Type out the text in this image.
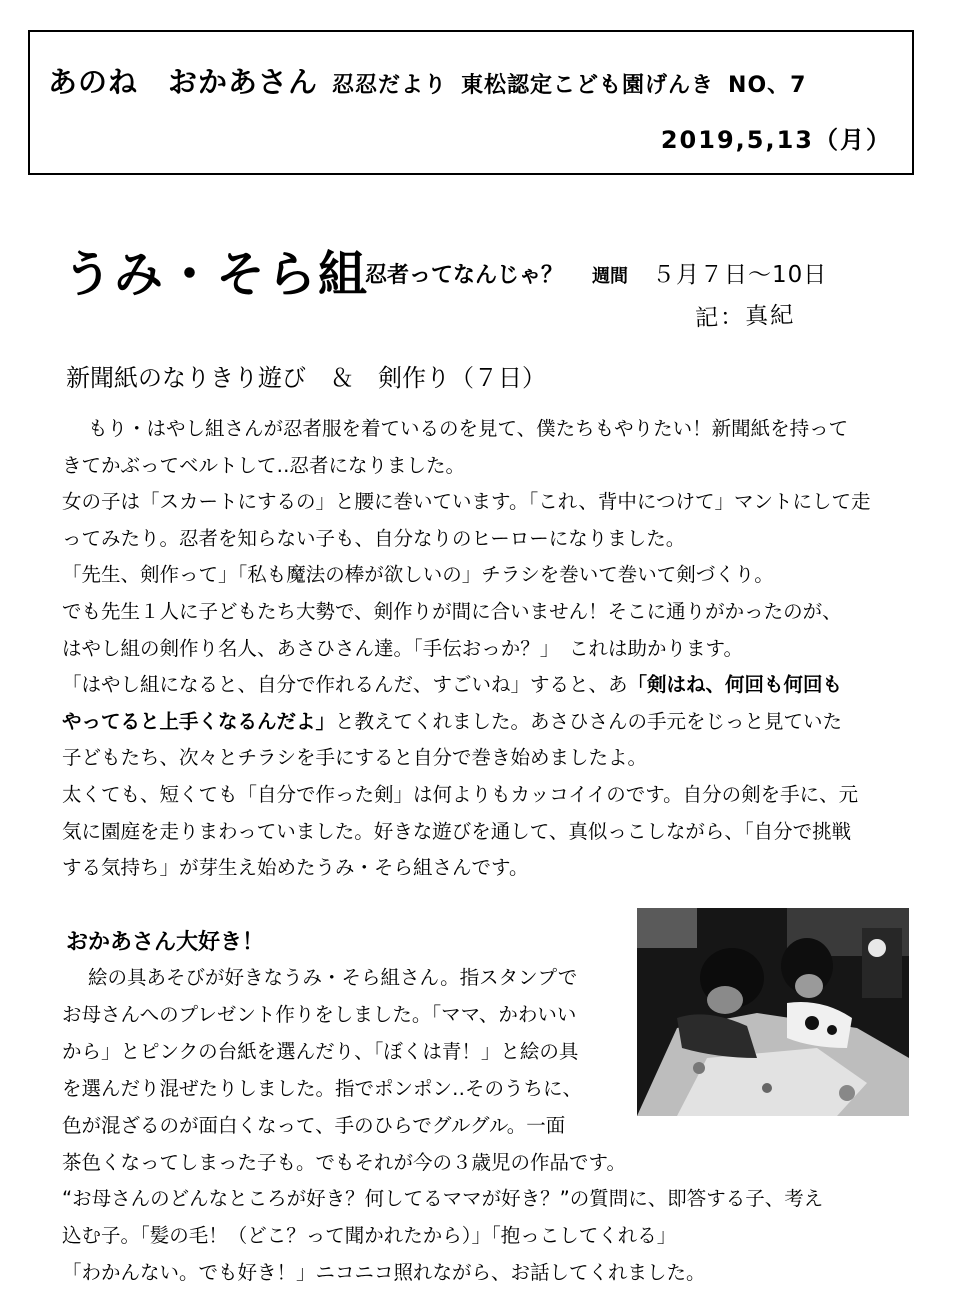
あのね　おかあさん 忍忍だより 東松認定こども園げんき NO、7
2019,5,13（月）
うみ・そら組
忍者ってなんじゃ？ 週間 ５月７日～10日
記：真紀
新聞紙のなりきり遊び　＆　剣作り（７日）

もり・はやし組さんが忍者服を着ているのを見て、僕たちもやりたい！新聞紙を持って

きてかぶってベルトして‥忍者になりました。

女の子は「スカートにするの」と腰に巻いています。「これ、背中につけて」マントにして走

ってみたり。忍者を知らない子も、自分なりのヒーローになりました。

「先生、剣作って」「私も魔法の棒が欲しいの」チラシを巻いて巻いて剣づくり。

でも先生１人に子どもたち大勢で、剣作りが間に合いません！そこに通りがかったのが、

はやし組の剣作り名人、あさひさん達。「手伝おっか？」　これは助かります。

「はやし組になると、自分で作れるんだ、すごいね」すると、あ「剣はね、何回も何回も

やってると上手くなるんだよ」と教えてくれました。あさひさんの手元をじっと見ていた

子どもたち、次々とチラシを手にすると自分で巻き始めましたよ。

太くても、短くても「自分で作った剣」は何よりもカッコイイのです。自分の剣を手に、元

気に園庭を走りまわっていました。好きな遊びを通して、真似っこしながら、「自分で挑戦

する気持ち」が芽生え始めたうみ・そら組さんです。

おかあさん大好き！

絵の具あそびが好きなうみ・そら組さん。指スタンプで

お母さんへのプレゼント作りをしました。「ママ、かわいい

から」とピンクの台紙を選んだり、「ぼくは青！」と絵の具

を選んだり混ぜたりしました。指でポンポン‥そのうちに、

色が混ざるのが面白くなって、手のひらでグルグル。一面

茶色くなってしまった子も。でもそれが今の３歳児の作品です。

“お母さんのどんなところが好き？何してるママが好き？”の質問に、即答する子、考え

込む子。「髪の毛！（どこ？って聞かれたから）」「抱っこしてくれる」

「わかんない。でも好き！」ニコニコ照れながら、お話してくれました。
